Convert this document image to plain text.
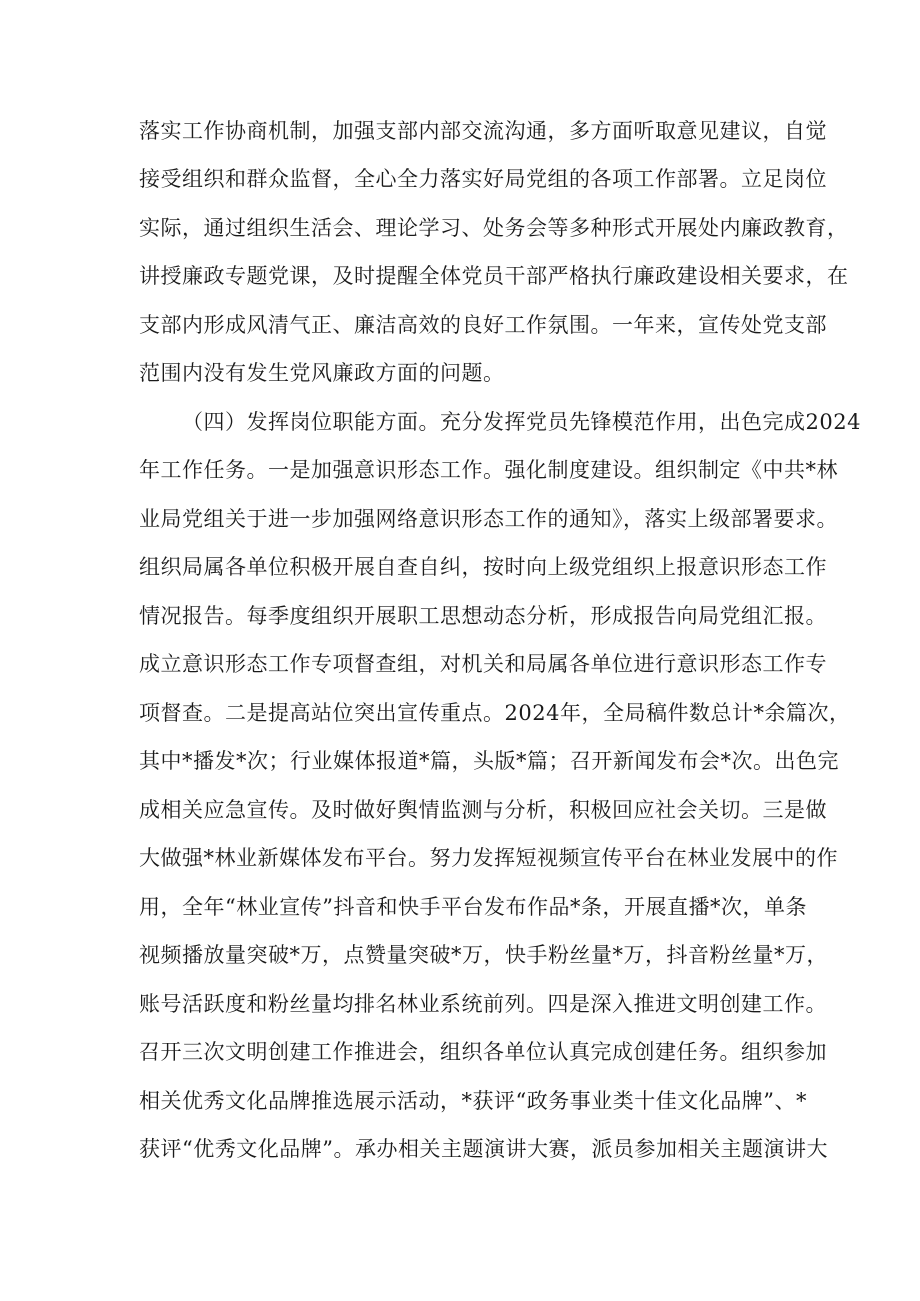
落实工作协商机制，加强支部内部交流沟通，多方面听取意见建议，自觉
接受组织和群众监督，全心全力落实好局党组的各项工作部署。立足岗位
实际，通过组织生活会、理论学习、处务会等多种形式开展处内廉政教育，
讲授廉政专题党课，及时提醒全体党员干部严格执行廉政建设相关要求，在
支部内形成风清气正、廉洁高效的良好工作氛围。一年来，宣传处党支部
范围内没有发生党风廉政方面的问题。
（四）发挥岗位职能方面。充分发挥党员先锋模范作用，出色完成2024
年工作任务。一是加强意识形态工作。强化制度建设。组织制定《中共*林
业局党组关于进一步加强网络意识形态工作的通知》，落实上级部署要求。
组织局属各单位积极开展自查自纠，按时向上级党组织上报意识形态工作
情况报告。每季度组织开展职工思想动态分析，形成报告向局党组汇报。
成立意识形态工作专项督查组，对机关和局属各单位进行意识形态工作专
项督查。二是提高站位突出宣传重点。2024年，全局稿件数总计*余篇次，
其中*播发*次；行业媒体报道*篇，头版*篇；召开新闻发布会*次。出色完
成相关应急宣传。及时做好舆情监测与分析，积极回应社会关切。三是做
大做强*林业新媒体发布平台。努力发挥短视频宣传平台在林业发展中的作
用，全年“林业宣传”抖音和快手平台发布作品*条，开展直播*次，单条
视频播放量突破*万，点赞量突破*万，快手粉丝量*万，抖音粉丝量*万，
账号活跃度和粉丝量均排名林业系统前列。四是深入推进文明创建工作。
召开三次文明创建工作推进会，组织各单位认真完成创建任务。组织参加
相关优秀文化品牌推选展示活动，*获评“政务事业类十佳文化品牌”、*
获评“优秀文化品牌”。承办相关主题演讲大赛，派员参加相关主题演讲大
